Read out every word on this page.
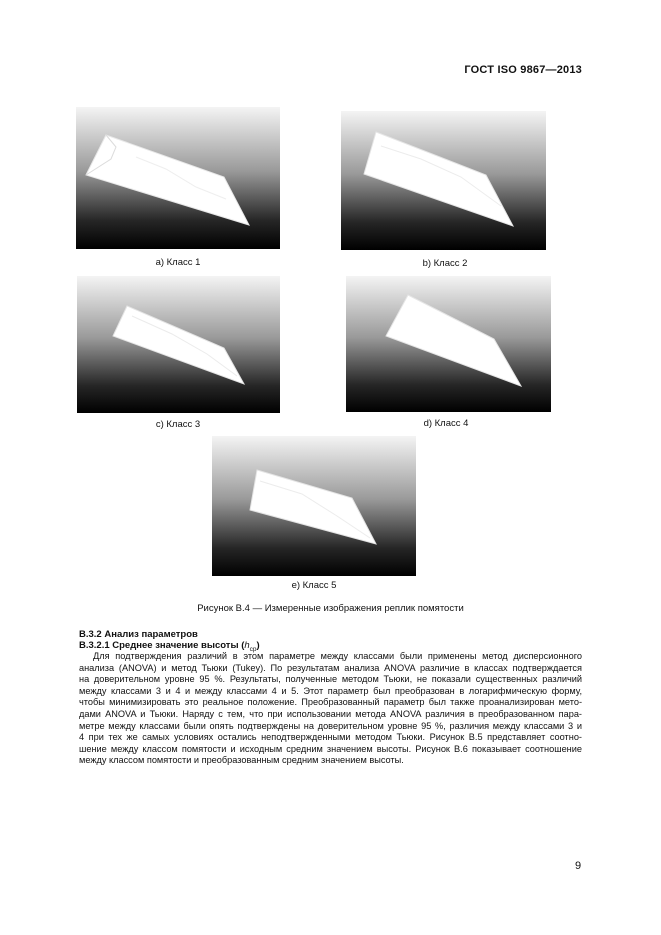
ГОСТ ISO 9867—2013
a) Класс 1	b) Класс 2
c) Класс 3	d) Класс 4
e) Класс 5
Рисунок В.4 — Измеренные изображения реплик помятости
В.3.2 Анализ параметров
В.3.2.1 Среднее значение высоты $(h_{ср})$
Для подтверждения различий в этом параметре между классами были применены метод дисперсионного
анализа (ANOVA) и метод Тьюки (Tukey). По результатам анализа ANOVA различие в классах подтверждается
на доверительном уровне 95 %. Результаты, полученные методом Тьюки, не показали существенных различий
между классами 3 и 4 и между классами 4 и 5. Этот параметр был преобразован в логарифмическую форму,
чтобы минимизировать это реальное положение. Преобразованный параметр был также проанализирован мето-
дами ANOVA и Тьюки. Наряду с тем, что при использовании метода ANOVA различия в преобразованном пара-
метре между классами были опять подтверждены на доверительном уровне 95 %, различия между классами 3 и
4 при тех же самых условиях остались неподтвержденными методом Тьюки. Рисунок В.5 представляет соотно-
шение между классом помятости и исходным средним значением высоты. Рисунок В.6 показывает соотношение
между классом помятости и преобразованным средним значением высоты.
9
